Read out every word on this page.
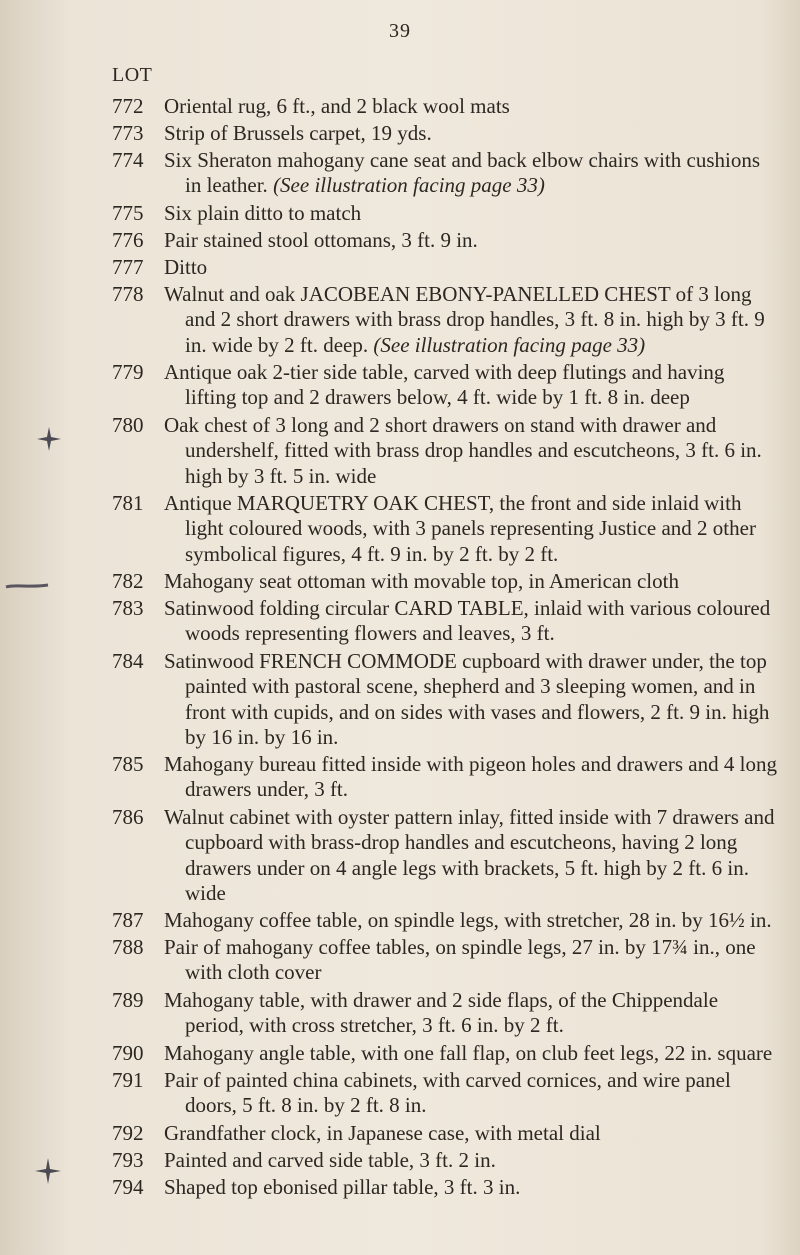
39
LOT
772 Oriental rug, 6 ft., and 2 black wool mats
773 Strip of Brussels carpet, 19 yds.
774 Six Sheraton mahogany cane seat and back elbow chairs with cushions in leather. (See illustration facing page 33)
775 Six plain ditto to match
776 Pair stained stool ottomans, 3 ft. 9 in.
777 Ditto
778 Walnut and oak JACOBEAN EBONY-PANELLED CHEST of 3 long and 2 short drawers with brass drop handles, 3 ft. 8 in. high by 3 ft. 9 in. wide by 2 ft. deep. (See illustration facing page 33)
779 Antique oak 2-tier side table, carved with deep flutings and having lifting top and 2 drawers below, 4 ft. wide by 1 ft. 8 in. deep
780 Oak chest of 3 long and 2 short drawers on stand with drawer and undershelf, fitted with brass drop handles and escutcheons, 3 ft. 6 in. high by 3 ft. 5 in. wide
781 Antique MARQUETRY OAK CHEST, the front and side inlaid with light coloured woods, with 3 panels representing Justice and 2 other symbolical figures, 4 ft. 9 in. by 2 ft. by 2 ft.
782 Mahogany seat ottoman with movable top, in American cloth
783 Satinwood folding circular CARD TABLE, inlaid with various coloured woods representing flowers and leaves, 3 ft.
784 Satinwood FRENCH COMMODE cupboard with drawer under, the top painted with pastoral scene, shepherd and 3 sleeping women, and in front with cupids, and on sides with vases and flowers, 2 ft. 9 in. high by 16 in. by 16 in.
785 Mahogany bureau fitted inside with pigeon holes and drawers and 4 long drawers under, 3 ft.
786 Walnut cabinet with oyster pattern inlay, fitted inside with 7 drawers and cupboard with brass-drop handles and escutcheons, having 2 long drawers under on 4 angle legs with brackets, 5 ft. high by 2 ft. 6 in. wide
787 Mahogany coffee table, on spindle legs, with stretcher, 28 in. by 16½ in.
788 Pair of mahogany coffee tables, on spindle legs, 27 in. by 17¾ in., one with cloth cover
789 Mahogany table, with drawer and 2 side flaps, of the Chippendale period, with cross stretcher, 3 ft. 6 in. by 2 ft.
790 Mahogany angle table, with one fall flap, on club feet legs, 22 in. square
791 Pair of painted china cabinets, with carved cornices, and wire panel doors, 5 ft. 8 in. by 2 ft. 8 in.
792 Grandfather clock, in Japanese case, with metal dial
793 Painted and carved side table, 3 ft. 2 in.
794 Shaped top ebonised pillar table, 3 ft. 3 in.
